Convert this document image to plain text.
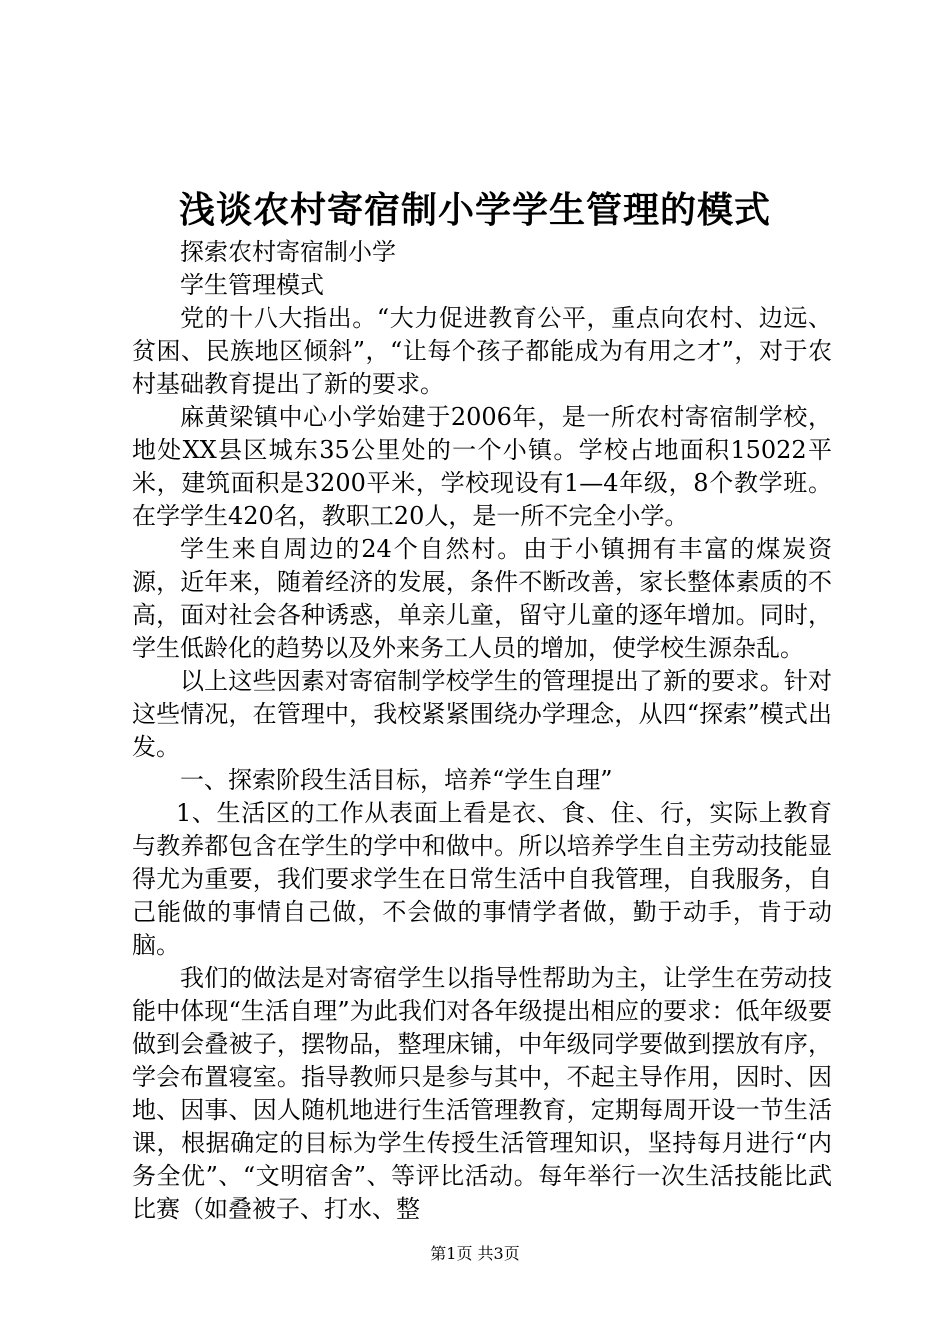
浅谈农村寄宿制小学学生管理的模式

探索农村寄宿制小学

学生管理模式

党的十八大指出。“大力促进教育公平，重点向农村、边远、贫困、民族地区倾斜”，“让每个孩子都能成为有用之才”，对于农村基础教育提出了新的要求。

麻黄梁镇中心小学始建于2006年，是一所农村寄宿制学校，地处XX县区城东35公里处的一个小镇。学校占地面积15022平米，建筑面积是3200平米，学校现设有1—4年级，8个教学班。在学学生420名，教职工20人，是一所不完全小学。

学生来自周边的24个自然村。由于小镇拥有丰富的煤炭资源，近年来，随着经济的发展，条件不断改善，家长整体素质的不高，面对社会各种诱惑，单亲儿童，留守儿童的逐年增加。同时，学生低龄化的趋势以及外来务工人员的增加，使学校生源杂乱。

以上这些因素对寄宿制学校学生的管理提出了新的要求。针对这些情况，在管理中，我校紧紧围绕办学理念，从四“探索”模式出发。

一、探索阶段生活目标，培养“学生自理”

1、生活区的工作从表面上看是衣、食、住、行，实际上教育与教养都包含在学生的学中和做中。所以培养学生自主劳动技能显得尤为重要，我们要求学生在日常生活中自我管理，自我服务，自己能做的事情自己做，不会做的事情学者做，勤于动手，肯于动脑。

我们的做法是对寄宿学生以指导性帮助为主，让学生在劳动技能中体现“生活自理”为此我们对各年级提出相应的要求：低年级要做到会叠被子，摆物品，整理床铺，中年级同学要做到摆放有序，学会布置寝室。指导教师只是参与其中，不起主导作用，因时、因地、因事、因人随机地进行生活管理教育，定期每周开设一节生活课，根据确定的目标为学生传授生活管理知识，坚持每月进行“内务全优”、“文明宿舍”、等评比活动。每年举行一次生活技能比武比赛（如叠被子、打水、整

第1页 共3页
